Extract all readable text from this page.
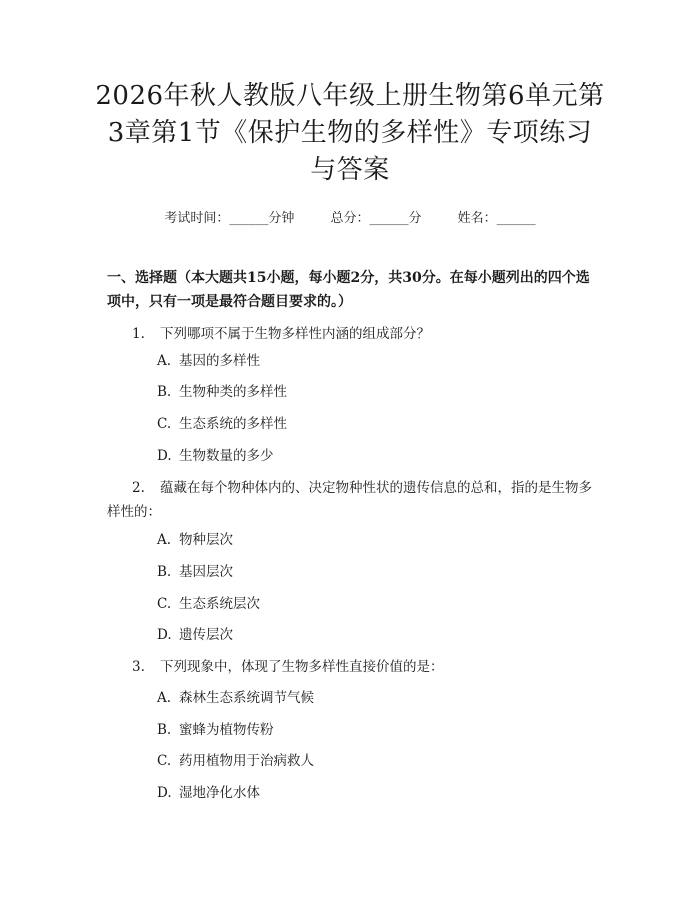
2026年秋人教版八年级上册生物第6单元第
3章第1节《保护生物的多样性》专项练习
与答案
考试时间：______分钟	总分：______分	姓名：______
一、选择题（本大题共15小题，每小题2分，共30分。在每小题列出的四个选项中，只有一项是最符合题目要求的。）
1. 下列哪项不属于生物多样性内涵的组成部分？
A. 基因的多样性
B. 生物种类的多样性
C. 生态系统的多样性
D. 生物数量的多少
2. 蕴藏在每个物种体内的、决定物种性状的遗传信息的总和，指的是生物多样性的：
A. 物种层次
B. 基因层次
C. 生态系统层次
D. 遗传层次
3. 下列现象中，体现了生物多样性直接价值的是：
A. 森林生态系统调节气候
B. 蜜蜂为植物传粉
C. 药用植物用于治病救人
D. 湿地净化水体
